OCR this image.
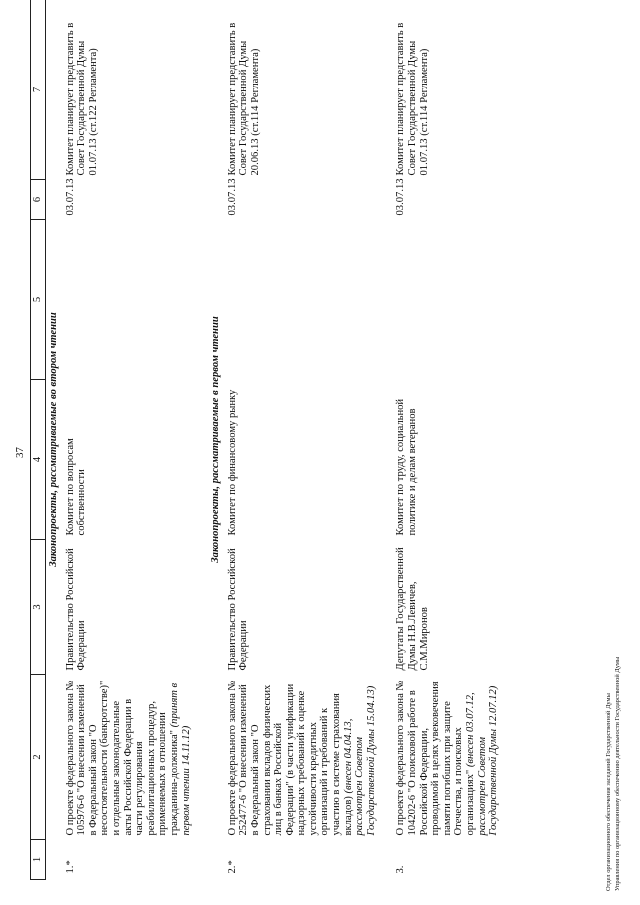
37
1	2	3	4	5	6	7
Законопроекты, рассматриваемые во втором чтении						
1.*	О проекте федерального закона № 105976-6 "О внесении изменений в Федеральный закон "О несостоятельности (банкротстве)" и отдельные законодательные акты Российской Федерации в части регулирования реабилитационных процедур, применяемых в отношении гражданина-должника" (принят в первом чтении 14.11.12)	Правительство Российской Федерации	Комитет по вопросам собственности		03.07.13	Комитет планирует представить в Совет Государственной Думы 01.07.13 (ст.122 Регламента)
Законопроекты, рассматриваемые в первом чтении						
2.*	О проекте федерального закона № 252477-6 "О внесении изменений в Федеральный закон "О страховании вкладов физических лиц в банках Российской Федерации" (в части унификации надзорных требований к оценке устойчивости кредитных организаций и требований к участию в системе страхования вкладов) (внесен 04.04.13, рассмотрен Советом Государственной Думы 15.04.13)	Правительство Российской Федерации	Комитет по финансовому рынку		03.07.13	Комитет планирует представить в Совет Государственной Думы 20.06.13 (ст.114 Регламента)
3.	О проекте федерального закона № 104202-6 "О поисковой работе в Российской Федерации, проводимой в целях увековечения памяти погибших при защите Отечества, и поисковых организациях" (внесен 03.07.12, рассмотрен Советом Государственной Думы 12.07.12)	Депутаты Государственной Думы Н.В.Левичев, С.М.Миронов	Комитет по труду, социальной политике и делам ветеранов		03.07.13	Комитет планирует представить в Совет Государственной Думы 01.07.13 (ст.114 Регламента)
Отдел организационного обеспечения заседаний Государственной Думы Управления по организационному обеспечению деятельности Государственной Думы
